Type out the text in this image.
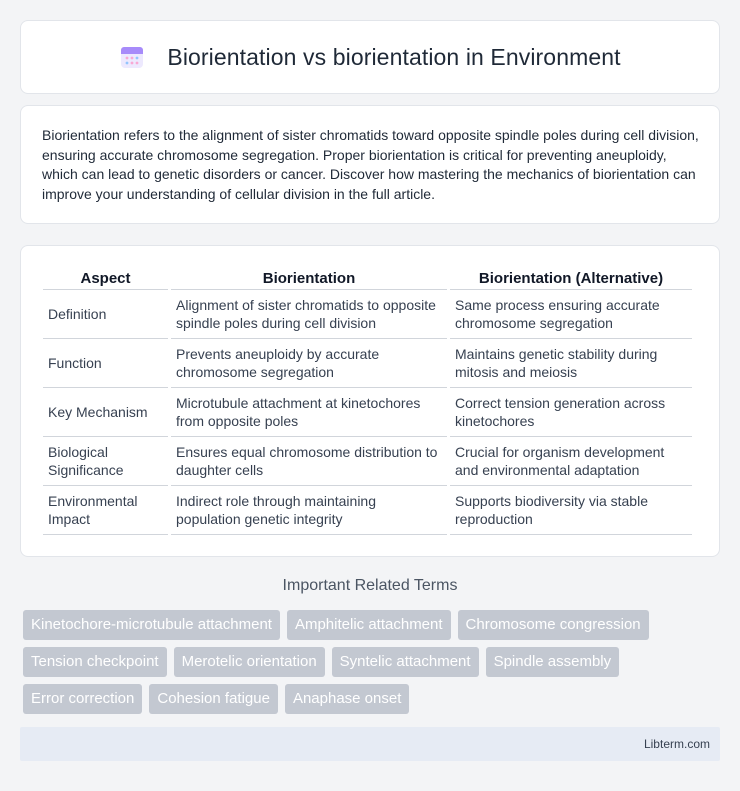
Biorientation vs biorientation in Environment

Biorientation refers to the alignment of sister chromatids toward opposite spindle poles during cell division, ensuring accurate chromosome segregation. Proper biorientation is critical for preventing aneuploidy, which can lead to genetic disorders or cancer. Discover how mastering the mechanics of biorientation can improve your understanding of cellular division in the full article.

Aspect	Biorientation	Biorientation (Alternative)
Definition	Alignment of sister chromatids to opposite spindle poles during cell division	Same process ensuring accurate chromosome segregation
Function	Prevents aneuploidy by accurate chromosome segregation	Maintains genetic stability during mitosis and meiosis
Key Mechanism	Microtubule attachment at kinetochores from opposite poles	Correct tension generation across kinetochores
Biological Significance	Ensures equal chromosome distribution to daughter cells	Crucial for organism development and environmental adaptation
Environmental Impact	Indirect role through maintaining population genetic integrity	Supports biodiversity via stable reproduction
Important Related Terms
Kinetochore-microtubule attachment	Amphitelic attachment	Chromosome congression
Tension checkpoint	Merotelic orientation	Syntelic attachment	Spindle assembly
Error correction	Cohesion fatigue	Anaphase onset
Libterm.com
